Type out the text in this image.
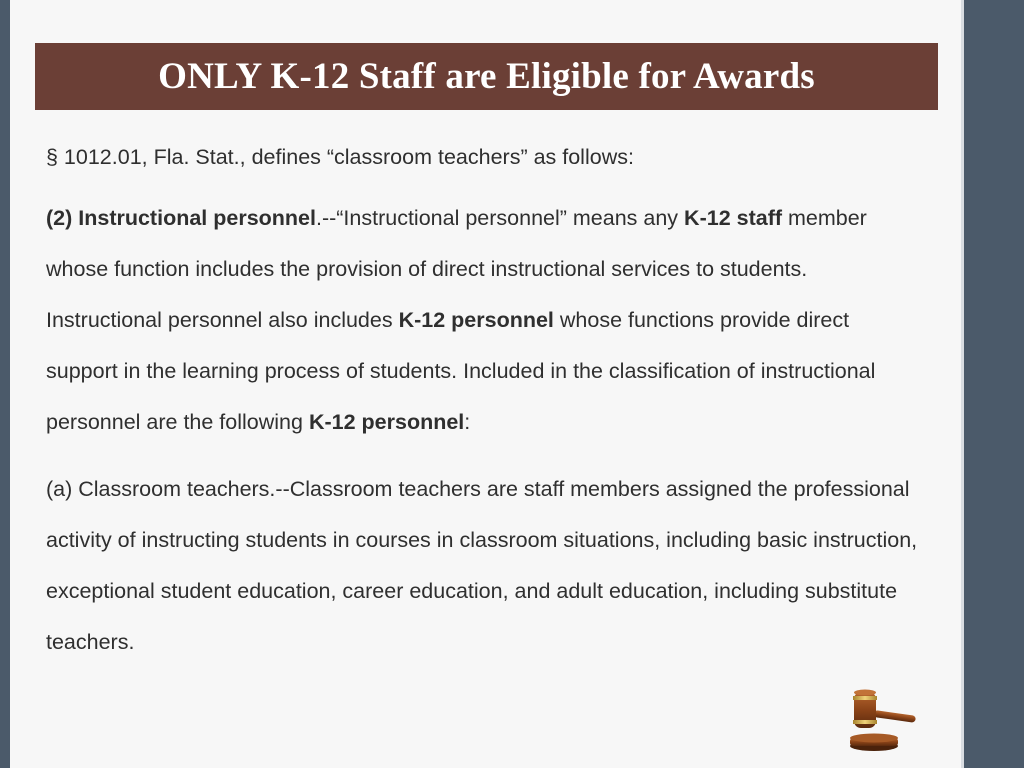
ONLY K-12 Staff are Eligible for Awards

§ 1012.01, Fla. Stat., defines “classroom teachers” as follows:

(2) Instructional personnel.--“Instructional personnel” means any K-12 staff member whose function includes the provision of direct instructional services to students. Instructional personnel also includes K-12 personnel whose functions provide direct support in the learning process of students. Included in the classification of instructional personnel are the following K-12 personnel:

(a) Classroom teachers.--Classroom teachers are staff members assigned the professional activity of instructing students in courses in classroom situations, including basic instruction, exceptional student education, career education, and adult education, including substitute teachers.
